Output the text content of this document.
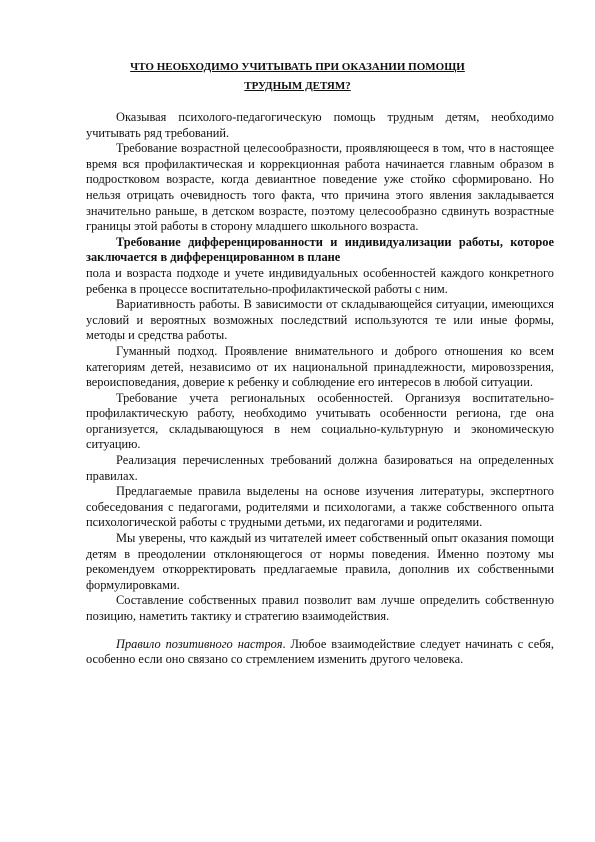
ЧТО НЕОБХОДИМО УЧИТЫВАТЬ ПРИ ОКАЗАНИИ ПОМОЩИ ТРУДНЫМ ДЕТЯМ?

Оказывая психолого-педагогическую помощь трудным детям, необходимо учитывать ряд требований.

Требование возрастной целесообразности, проявляющееся в том, что в настоящее время вся профилактическая и коррекционная работа начинается главным образом в подростковом возрасте, когда девиантное поведение уже стойко сформировано. Но нельзя отрицать очевидность того факта, что причина этого явления закладывается значительно раньше, в детском возрасте, поэтому целесообразно сдвинуть возрастные границы этой работы в сторону младшего школьного возраста.

Требование дифференцированности и индивидуализации работы, которое заключается в дифференцированном в плане

пола и возраста подходе и учете индивидуальных особенностей каждого конкретного ребенка в процессе воспитательно-профилактической работы с ним.

Вариативность работы. В зависимости от складывающейся ситуации, имеющихся условий и вероятных возможных последствий используются те или иные формы, методы и средства работы.

Гуманный подход. Проявление внимательного и доброго отношения ко всем категориям детей, независимо от их национальной принадлежности, мировоззрения, вероисповедания, доверие к ребенку и соблюдение его интересов в любой ситуации.

Требование учета региональных особенностей. Организуя воспитательно-профилактическую работу, необходимо учитывать особенности региона, где она организуется, складывающуюся в нем социально-культурную и экономическую ситуацию.

Реализация перечисленных требований должна базироваться на определенных правилах.

Предлагаемые правила выделены на основе изучения литературы, экспертного собеседования с педагогами, родителями и психологами, а также собственного опыта психологической работы с трудными детьми, их педагогами и родителями.

Мы уверены, что каждый из читателей имеет собственный опыт оказания помощи детям в преодолении отклоняющегося от нормы поведения. Именно поэтому мы рекомендуем откорректировать предлагаемые правила, дополнив их собственными формулировками.

Составление собственных правил позволит вам лучше определить собственную позицию, наметить тактику и стратегию взаимодействия.

Правило позитивного настроя. Любое взаимодействие следует начинать с себя, особенно если оно связано со стремлением изменить другого человека.
